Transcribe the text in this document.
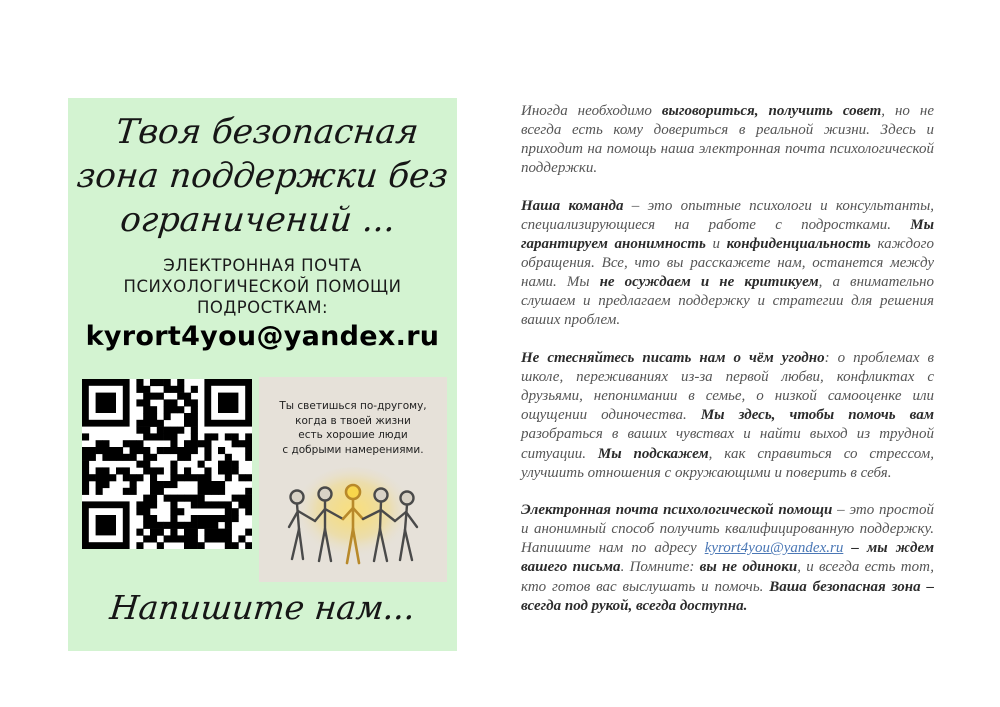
Твоя безопасная
зона поддержки без
ограничений ...
ЭЛЕКТРОННАЯ ПОЧТА
ПСИХОЛОГИЧЕСКОЙ ПОМОЩИ
ПОДРОСТКАМ:
kyrort4you@yandex.ru
Ты светишься по-другому,
когда в твоей жизни
есть хорошие люди
с добрыми намерениями.
Напишите нам...

Иногда необходимо выговориться, получить совет, но не всегда есть кому довериться в реальной жизни. Здесь и приходит на помощь наша электронная почта психологической поддержки.

Наша команда – это опытные психологи и консультанты, специализирующиеся на работе с подростками. Мы гарантируем анонимность и конфиденциальность каждого обращения. Все, что вы расскажете нам, останется между нами. Мы не осуждаем и не критикуем, а внимательно слушаем и предлагаем поддержку и стратегии для решения ваших проблем.

Не стесняйтесь писать нам о чём угодно: о проблемах в школе, переживаниях из-за первой любви, конфликтах с друзьями, непонимании в семье, о низкой самооценке или ощущении одиночества. Мы здесь, чтобы помочь вам разобраться в ваших чувствах и найти выход из трудной ситуации. Мы подскажем, как справиться со стрессом, улучшить отношения с окружающими и поверить в себя.

Электронная почта психологической помощи – это простой и анонимный способ получить квалифицированную поддержку. Напишите нам по адресу kyrort4you@yandex.ru – мы ждем вашего письма. Помните: вы не одиноки, и всегда есть тот, кто готов вас выслушать и помочь. Ваша безопасная зона – всегда под рукой, всегда доступна.
